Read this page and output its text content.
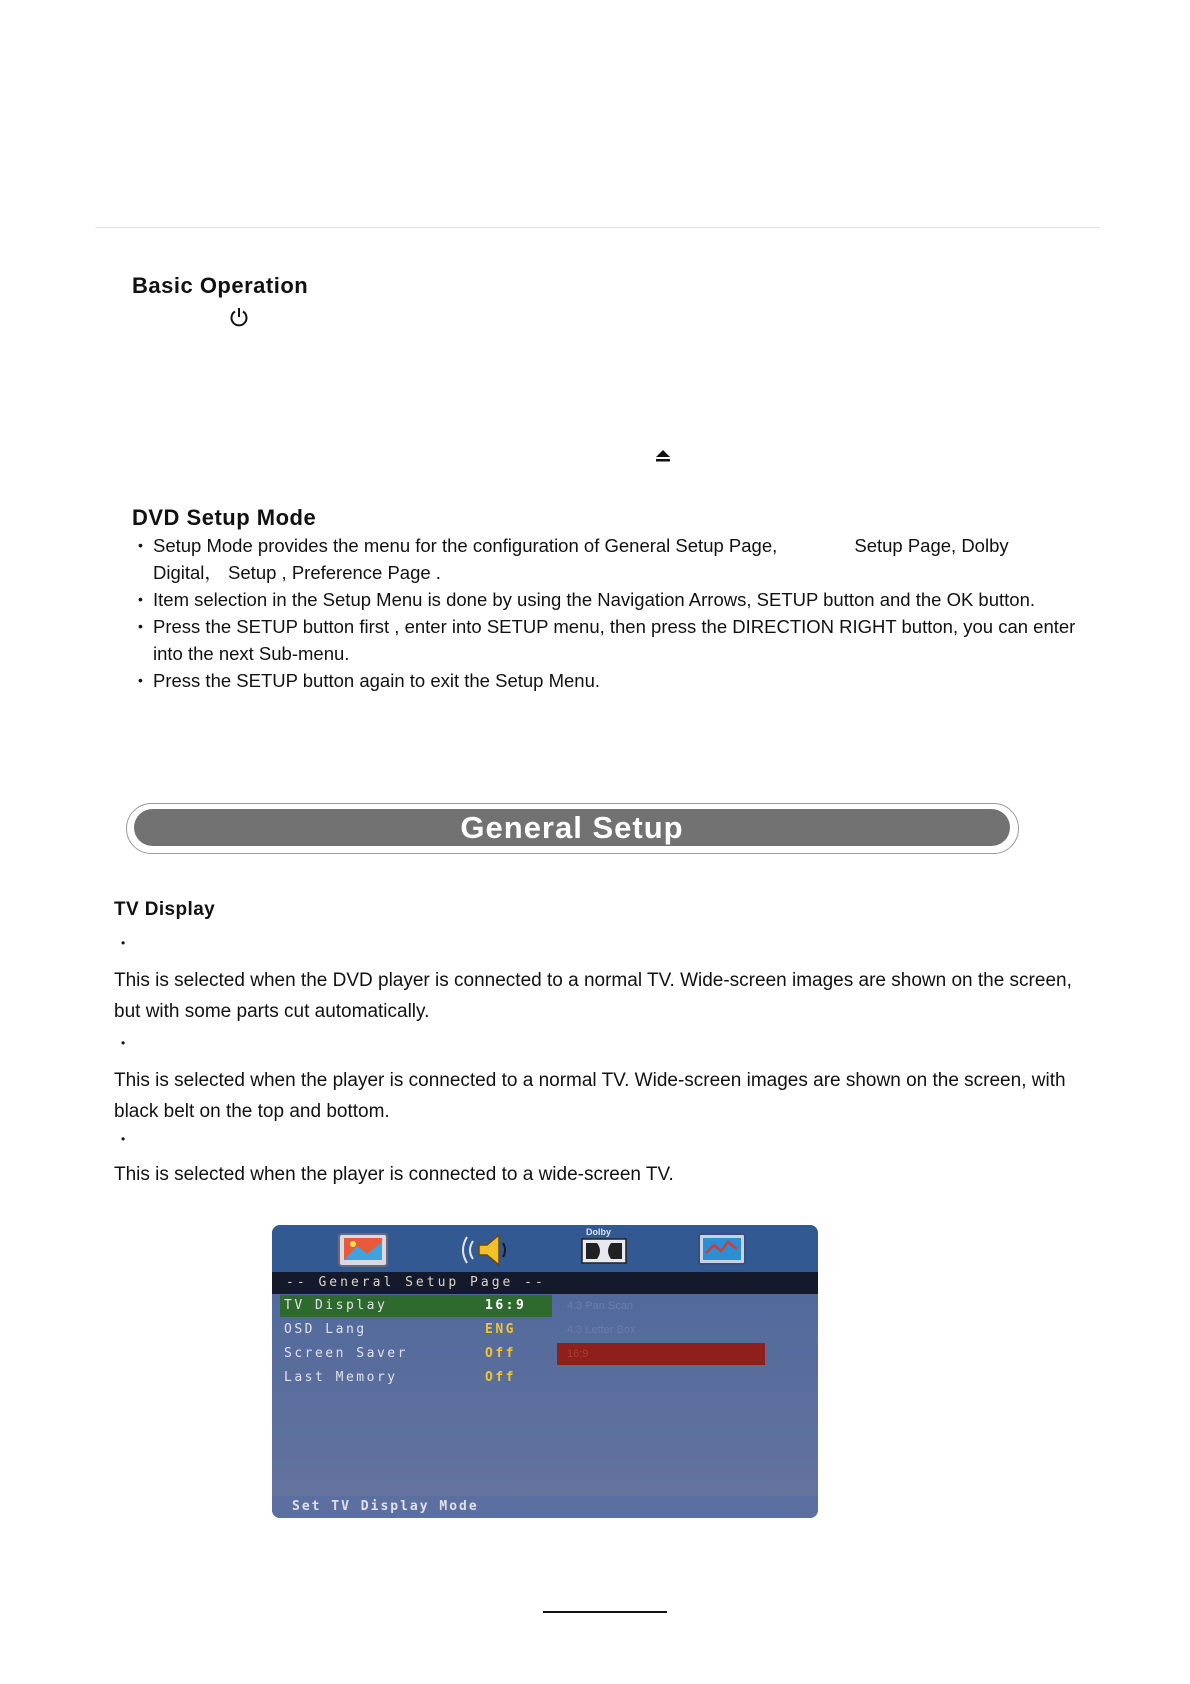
Basic Operation
DVD Setup Mode
• Setup Mode provides the menu for the configuration of General Setup Page,               Setup Page, Dolby Digital， Setup , Preference Page .
• Item selection in the Setup Menu is done by using the Navigation Arrows, SETUP button and the OK button.
• Press the SETUP button first , enter into SETUP menu, then press the DIRECTION RIGHT button, you can enter into the next Sub-menu.
• Press the SETUP button again to exit the Setup Menu.
General Setup
TV Display
•
This is selected when the DVD player is connected to a normal TV. Wide-screen images are shown on the screen, but with some parts cut automatically.
•
This is selected when the player is connected to a normal TV. Wide-screen images are shown on the screen, with black belt on the top and bottom.
•
This is selected when the player is connected to a wide-screen TV.
Dolby
-- General Setup Page --
TV Display	16:9
OSD Lang	ENG
Screen Saver	Off
Last Memory	Off
4:3 Pan Scan
4:3 Letter Box
16:9
Set TV Display Mode
